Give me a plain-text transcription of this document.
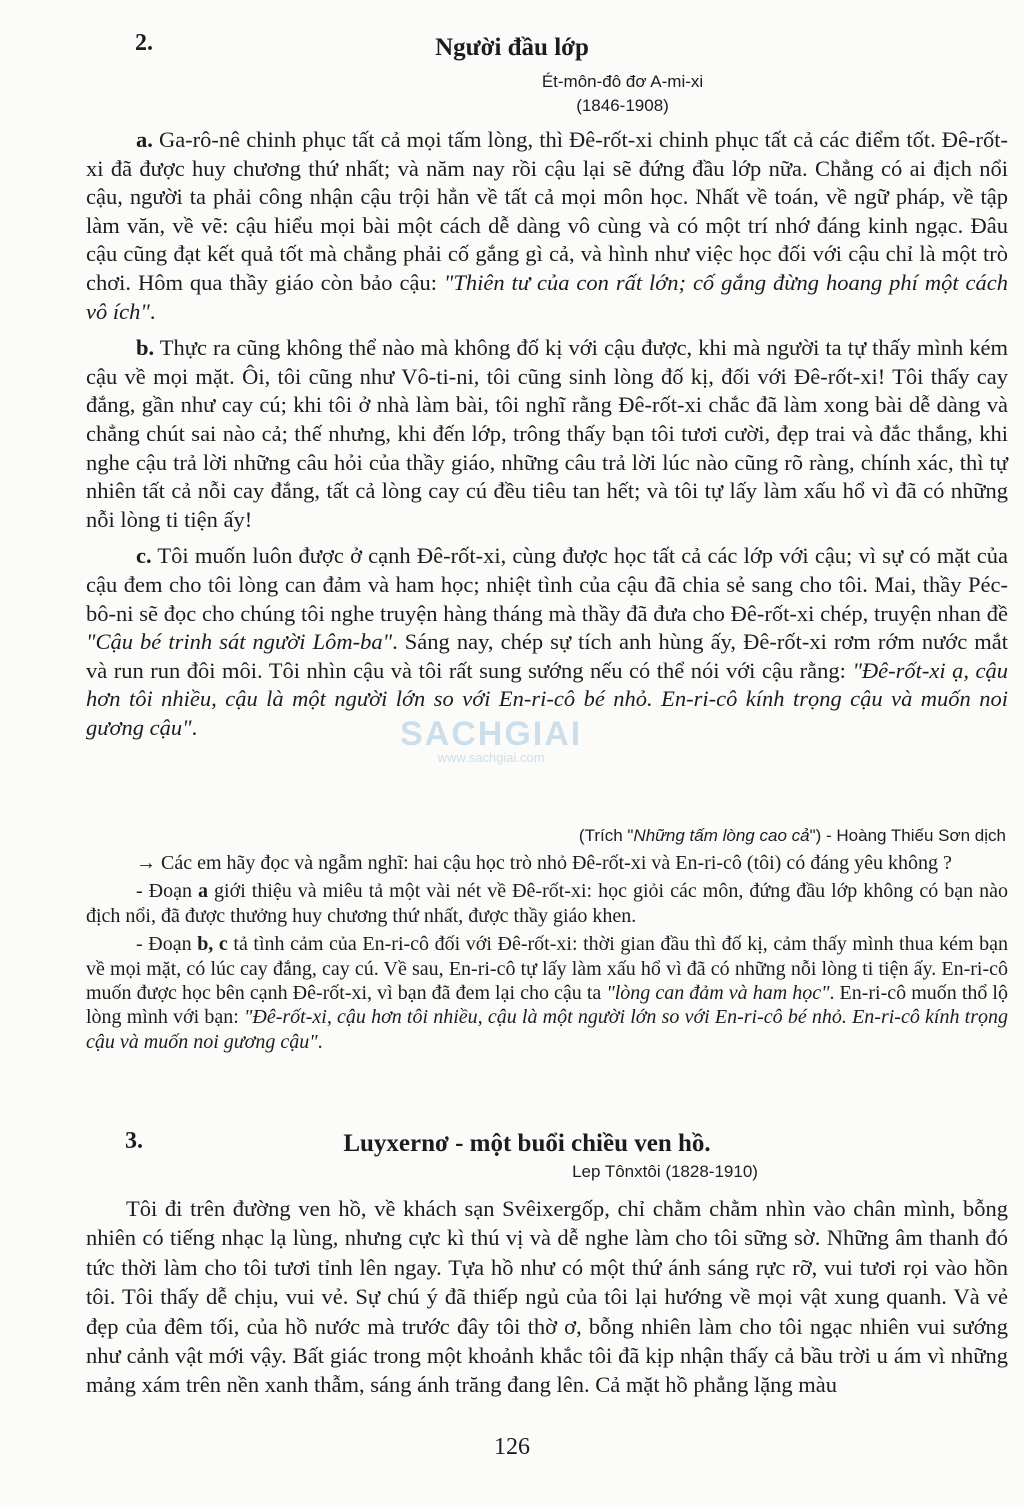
2.	Người đầu lớp
Ét-môn-đô đơ A-mi-xi
(1846-1908)

a. Ga-rô-nê chinh phục tất cả mọi tấm lòng, thì Đê-rốt-xi chinh phục tất cả các điểm tốt. Đê-rốt-xi đã được huy chương thứ nhất; và năm nay rồi cậu lại sẽ đứng đầu lớp nữa. Chẳng có ai địch nổi cậu, người ta phải công nhận cậu trội hẳn về tất cả mọi môn học. Nhất về toán, về ngữ pháp, về tập làm văn, về vẽ: cậu hiểu mọi bài một cách dễ dàng vô cùng và có một trí nhớ đáng kinh ngạc. Đâu cậu cũng đạt kết quả tốt mà chẳng phải cố gắng gì cả, và hình như việc học đối với cậu chỉ là một trò chơi. Hôm qua thầy giáo còn bảo cậu: "Thiên tư của con rất lớn; cố gắng đừng hoang phí một cách vô ích".

b. Thực ra cũng không thể nào mà không đố kị với cậu được, khi mà người ta tự thấy mình kém cậu về mọi mặt. Ôi, tôi cũng như Vô-ti-ni, tôi cũng sinh lòng đố kị, đối với Đê-rốt-xi! Tôi thấy cay đắng, gần như cay cú; khi tôi ở nhà làm bài, tôi nghĩ rằng Đê-rốt-xi chắc đã làm xong bài dễ dàng và chẳng chút sai nào cả; thế nhưng, khi đến lớp, trông thấy bạn tôi tươi cười, đẹp trai và đắc thắng, khi nghe cậu trả lời những câu hỏi của thầy giáo, những câu trả lời lúc nào cũng rõ ràng, chính xác, thì tự nhiên tất cả nỗi cay đắng, tất cả lòng cay cú đều tiêu tan hết; và tôi tự lấy làm xấu hổ vì đã có những nỗi lòng ti tiện ấy!

c. Tôi muốn luôn được ở cạnh Đê-rốt-xi, cùng được học tất cả các lớp với cậu; vì sự có mặt của cậu đem cho tôi lòng can đảm và ham học; nhiệt tình của cậu đã chia sẻ sang cho tôi. Mai, thầy Péc-bô-ni sẽ đọc cho chúng tôi nghe truyện hàng tháng mà thầy đã đưa cho Đê-rốt-xi chép, truyện nhan đề "Cậu bé trinh sát người Lôm-ba". Sáng nay, chép sự tích anh hùng ấy, Đê-rốt-xi rơm rớm nước mắt và run run đôi môi. Tôi nhìn cậu và tôi rất sung sướng nếu có thể nói với cậu rằng: "Đê-rốt-xi ạ, cậu hơn tôi nhiều, cậu là một người lớn so với En-ri-cô bé nhỏ. En-ri-cô kính trọng cậu và muốn noi gương cậu".

(Trích "Những tấm lòng cao cả") - Hoàng Thiếu Sơn dịch

→ Các em hãy đọc và ngẫm nghĩ: hai cậu học trò nhỏ Đê-rốt-xi và En-ri-cô (tôi) có đáng yêu không ?

- Đoạn a giới thiệu và miêu tả một vài nét về Đê-rốt-xi: học giỏi các môn, đứng đầu lớp không có bạn nào địch nổi, đã được thưởng huy chương thứ nhất, được thầy giáo khen.

- Đoạn b, c tả tình cảm của En-ri-cô đối với Đê-rốt-xi: thời gian đầu thì đố kị, cảm thấy mình thua kém bạn về mọi mặt, có lúc cay đắng, cay cú. Về sau, En-ri-cô tự lấy làm xấu hổ vì đã có những nỗi lòng ti tiện ấy. En-ri-cô muốn được học bên cạnh Đê-rốt-xi, vì bạn đã đem lại cho cậu ta "lòng can đảm và ham học". En-ri-cô muốn thổ lộ lòng mình với bạn: "Đê-rốt-xi, cậu hơn tôi nhiều, cậu là một người lớn so với En-ri-cô bé nhỏ. En-ri-cô kính trọng cậu và muốn noi gương cậu".

3.	Luyxernơ - một buổi chiều ven hồ.
Lep Tônxtôi (1828-1910)

Tôi đi trên đường ven hồ, về khách sạn Svêixergốp, chỉ chằm chằm nhìn vào chân mình, bỗng nhiên có tiếng nhạc lạ lùng, nhưng cực kì thú vị và dễ nghe làm cho tôi sững sờ. Những âm thanh đó tức thời làm cho tôi tươi tỉnh lên ngay. Tựa hồ như có một thứ ánh sáng rực rỡ, vui tươi rọi vào hồn tôi. Tôi thấy dễ chịu, vui vẻ. Sự chú ý đã thiếp ngủ của tôi lại hướng về mọi vật xung quanh. Và vẻ đẹp của đêm tối, của hồ nước mà trước đây tôi thờ ơ, bỗng nhiên làm cho tôi ngạc nhiên vui sướng như cảnh vật mới vậy. Bất giác trong một khoảnh khắc tôi đã kịp nhận thấy cả bầu trời u ám vì những mảng xám trên nền xanh thẫm, sáng ánh trăng đang lên. Cả mặt hồ phẳng lặng màu

126
SACHGIAI
www.sachgiai.com
